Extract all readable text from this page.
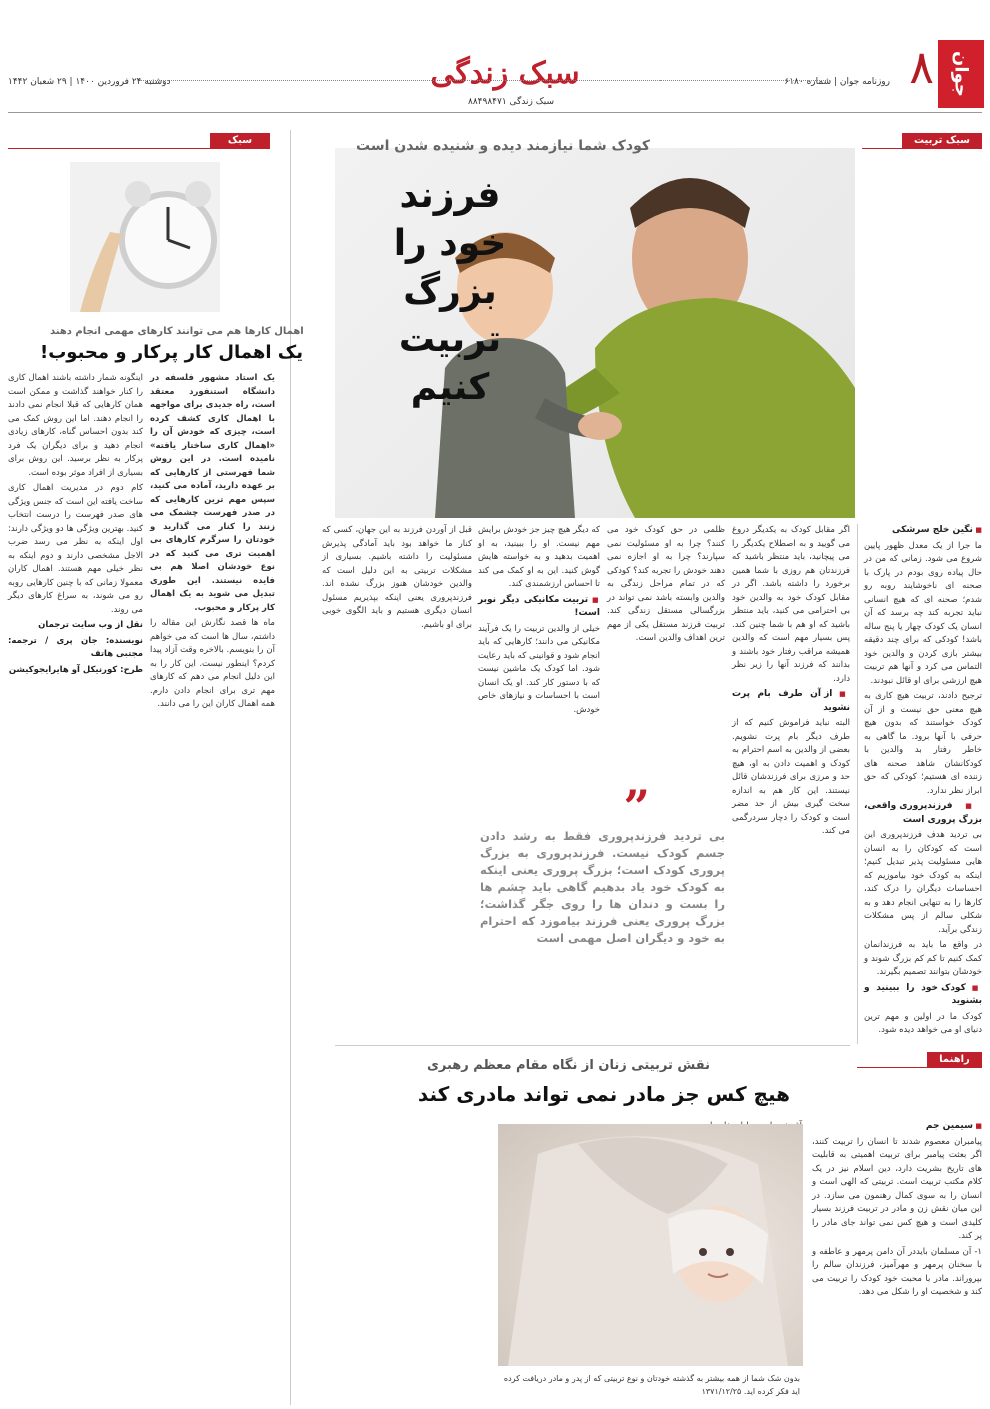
جوان
۸
روزنامه جوان | شماره ۶۱۸۰
سبک زندگی
سبک زندگی ۸۸۴۹۸۴۷۱
دوشنبه ۲۴ فروردین ۱۴۰۰ | ۲۹ شعبان ۱۴۴۲
سبک تربیت
کودک شما نیازمند دیده و شنیده شدن است
فرزند خود را
بزرگ تربیت کنیم

■ نگین خلج سرشکی

ما جرا از یک معدل ظهور پایین شروع می شود. زمانی که من در حال پیاده روی بودم در پارک با صحنه ای ناخوشایند روبه رو شدم؛ صحنه ای که هیچ انسانی نباید تجربه کند چه برسد که آن انسان یک کودک چهار یا پنج ساله باشد! کودکی که برای چند دقیقه بیشتر بازی کردن و والدین خود التماس می کرد و آنها هم تربیت هیچ ارزشی برای او قائل نبودند.

ترجیح دادند، تربیت هیچ کاری به هیچ معنی حق نیست و از آن کودک خواستند که بدون هیچ حرفی با آنها برود. ما گاهی به خاطر رفتار بد والدین با کودکانشان شاهد صحنه های زننده ای هستیم؛ کودکی که حق ابراز نظر ندارد.

■ فرزندپروری واقعی، بزرگ پروری است

بی تردید هدف فرزندپروری این است که کودکان را به انسان هایی مسئولیت پذیر تبدیل کنیم؛ اینکه به کودک خود بیاموزیم که احساسات دیگران را درک کند، کارها را به تنهایی انجام دهد و به شکلی سالم از پس مشکلات زندگی برآید.

در واقع ما باید به فرزندانمان کمک کنیم تا کم کم بزرگ شوند و خودشان بتوانند تصمیم بگیرند.

■ کودک خود را ببینید و بشنوید

کودک ما در اولین و مهم ترین دنیای او می خواهد دیده شود.

اگر مقابل کودک به یکدیگر دروغ می گویید و به اصطلاح یکدیگر را می پیچانید، باید منتظر باشید که فرزندتان هم روزی با شما همین برخورد را داشته باشد. اگر در مقابل کودک خود به والدین خود بی احترامی می کنید، باید منتظر باشید که او هم با شما چنین کند. پس بسیار مهم است که والدین همیشه مراقب رفتار خود باشند و بدانند که فرزند آنها را زیر نظر دارد.

■ از آن طرف بام پرت نشوید

البته نباید فراموش کنیم که از طرف دیگر بام پرت نشویم. بعضی از والدین به اسم احترام به کودک و اهمیت دادن به او، هیچ حد و مرزی برای فرزندشان قائل نیستند. این کار هم به اندازه سخت گیری بیش از حد مضر است و کودک را دچار سردرگمی می کند.

ظلمی در حق کودک خود می کنند؟ چرا به او مسئولیت نمی سپارند؟ چرا به او اجازه نمی دهند خودش را تجربه کند؟ کودکی که در تمام مراحل زندگی به والدین وابسته باشد نمی تواند در بزرگسالی مستقل زندگی کند. تربیت فرزند مستقل یکی از مهم ترین اهداف والدین است.

که دیگر هیچ چیز جز خودش برایش مهم نیست. او را ببینید، به او اهمیت بدهید و به خواسته هایش گوش کنید. این به او کمک می کند تا احساس ارزشمندی کند.

■ تربیت مکانیکی دیگر نوبر است!

خیلی از والدین تربیت را یک فرآیند مکانیکی می دانند؛ کارهایی که باید انجام شود و قوانینی که باید رعایت شود. اما کودک یک ماشین نیست که با دستور کار کند. او یک انسان است با احساسات و نیازهای خاص خودش.

قبل از آوردن فرزند به این جهان، کسی که کنار ما خواهد بود باید آمادگی پذیرش مسئولیت را داشته باشیم. بسیاری از مشکلات تربیتی به این دلیل است که والدین خودشان هنوز بزرگ نشده اند. فرزندپروری یعنی اینکه بپذیریم مسئول انسان دیگری هستیم و باید الگوی خوبی برای او باشیم.

”
بی تردید فرزندپروری فقط به رشد دادن جسم کودک نیست. فرزندپروری به بزرگ پروری کودک است؛ بزرگ پروری یعنی اینکه به کودک خود یاد بدهیم گاهی باید چشم ها را بست و دندان ها را روی جگر گذاشت؛ بزرگ پروری یعنی فرزند بیاموزد که احترام به خود و دیگران اصل مهمی است
راهنما
نقش تربیتی زنان از نگاه مقام معظم رهبری
هیچ کس جز مادر نمی تواند مادری کند

■ سیمین جم

پیامبران معصوم شدند تا انسان را تربیت کنند، اگر بعثت پیامبر برای تربیت اهمیتی به قابلیت های تاریخ بشریت دارد، دین اسلام نیز در یک کلام مکتب تربیت است. تربیتی که الهی است و انسان را به سوی کمال رهنمون می سازد. در این میان نقش زن و مادر در تربیت فرزند بسیار کلیدی است و هیچ کس نمی تواند جای مادر را پر کند.

۱- آن مسلمان بایددر آن دامن پرمهر و عاطفه و با سخنان پرمهر و مهرآمیز، فرزندان سالم را بپروراند. مادر با محبت خود کودک را تربیت می کند و شخصیت او را شکل می دهد.

بدون شک شما از همه بیشتر به گذشته خودتان و نوع تربیتی که از پدر و مادر دریافت کرده اید فکر کرده اید. ۱۳۷۱/۱۲/۲۵
سبک نگرش
اهمال کارها هم می توانند کارهای مهمی انجام دهند
یک اهمال کار پرکار و محبوب!

یک استاد مشهور فلسفه در دانشگاه استنفورد معتقد است، راه جدیدی برای مواجهه با اهمال کاری کشف کرده است، چیزی که خودش آن را «اهمال کاری ساختار یافته» نامیده است. در این روش شما فهرستی از کارهایی که بر عهده دارید، آماده می کنید، سپس مهم ترین کارهایی که در صدر فهرست چشمک می زنند را کنار می گذارید و خودتان را سرگرم کارهای بی اهمیت تری می کنید که در نوع خودشان اصلا هم بی فایده نیستند. این طوری تبدیل می شوید به یک اهمال کار پرکار و محبوب.

ماه ها قصد نگارش این مقاله را داشتم، سال ها است که می خواهم آن را بنویسم. بالاخره وقت آزاد پیدا کردم؟ اینطور نیست. این کار را به این دلیل انجام می دهم که کارهای مهم تری برای انجام دادن دارم. همه اهمال کاران این را می دانند.

اینگونه شمار داشته باشند اهمال کاری را کنار خواهند گذاشت و ممکن است همان کارهایی که قبلا انجام نمی دادند را انجام دهند. اما این روش کمک می کند بدون احساس گناه، کارهای زیادی انجام دهید و برای دیگران یک فرد پرکار به نظر برسید. این روش برای بسیاری از افراد موثر بوده است.

کام دوم در مدیریت اهمال کاری ساخت یافته این است که جنس ویژگی های صدر فهرست را درست انتخاب کنید. بهترین ویژگی ها دو ویژگی دارند: اول اینکه به نظر می رسد ضرب الاجل مشخصی دارند و دوم اینکه به نظر خیلی مهم هستند. اهمال کاران معمولا زمانی که با چنین کارهایی روبه رو می شوند، به سراغ کارهای دیگر می روند.

نقل از وب سایت ترجمان

نویسنده: جان پری / ترجمه: مجتبی هاتف

طرح: کورنیکل آو هایرایجوکیشن
